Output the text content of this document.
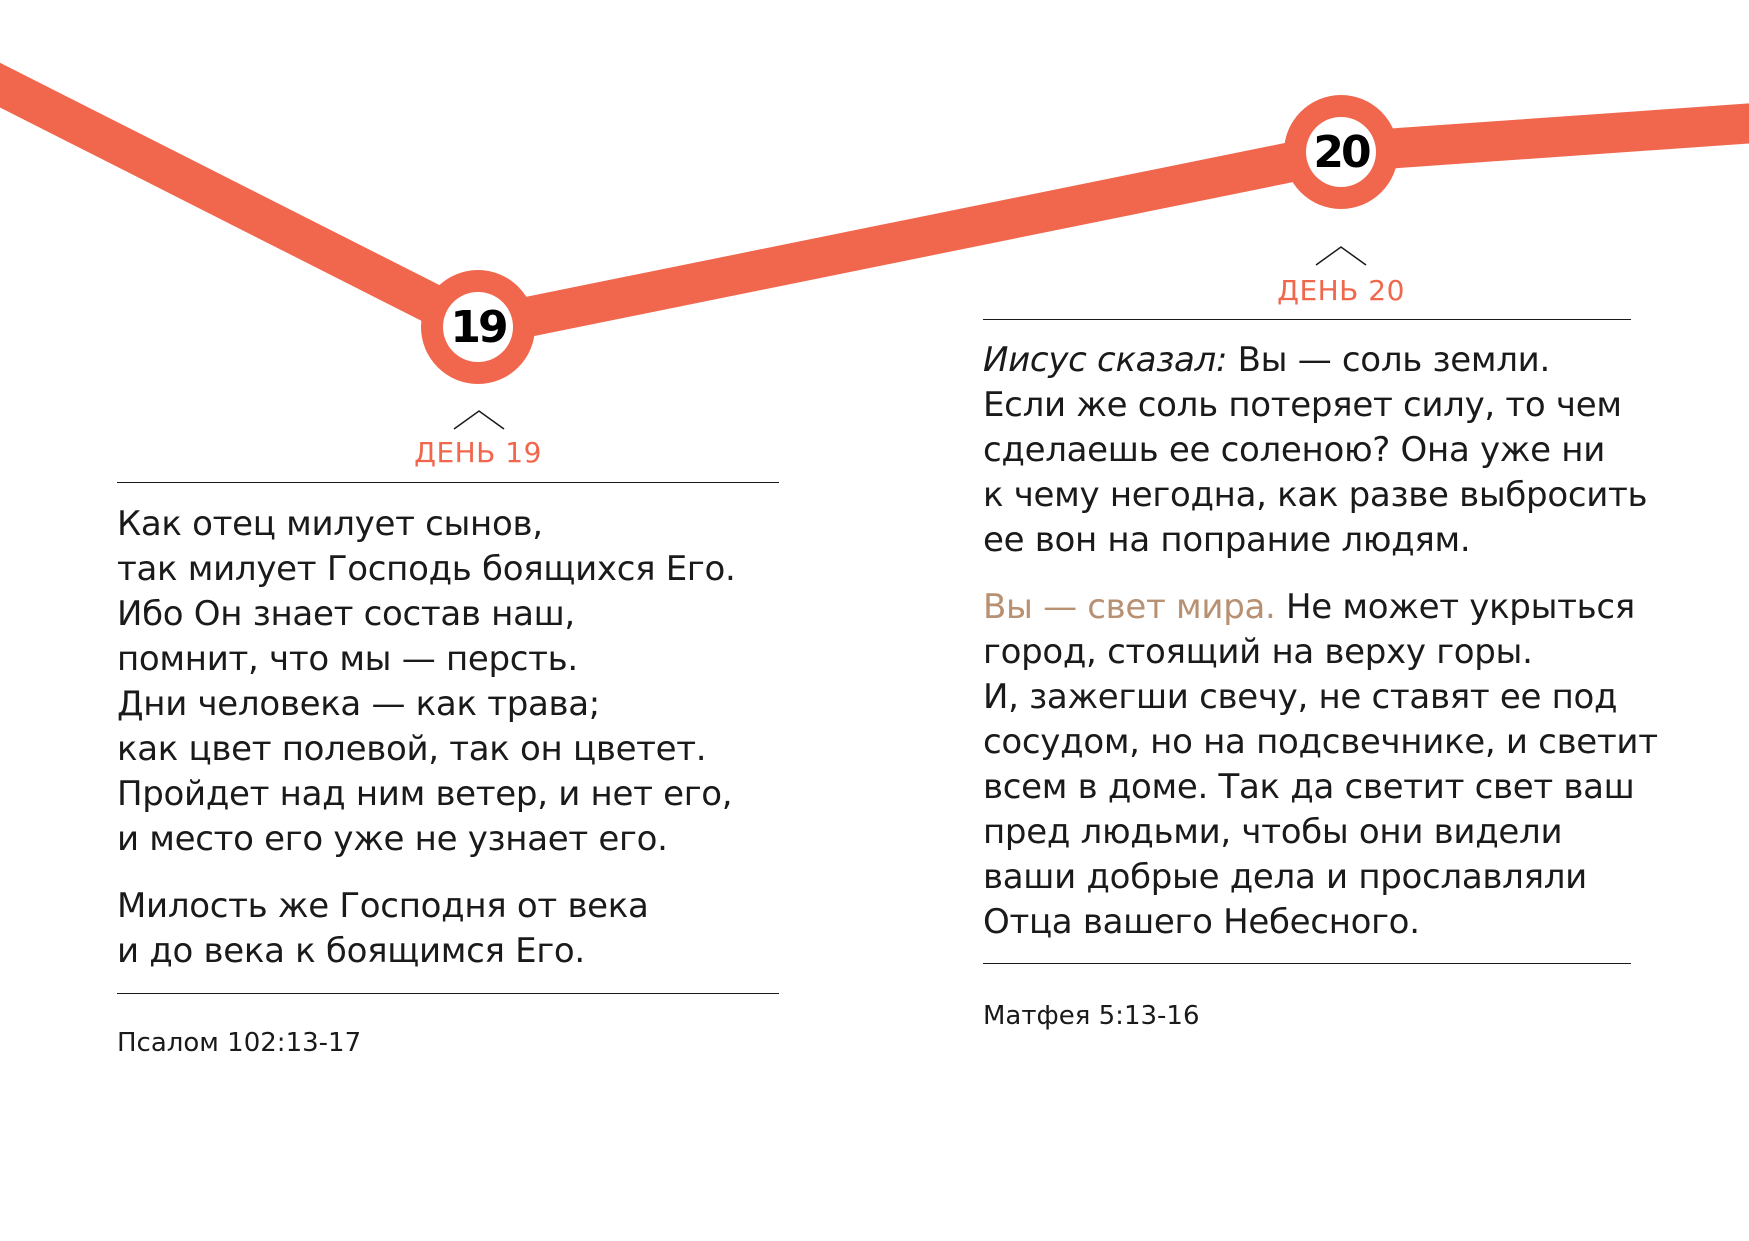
19
20
ДЕНЬ 19
Как отец милует сынов,
так милует Господь боящихся Его.
Ибо Он знает состав наш,
помнит, что мы — персть.
Дни человека — как трава;
как цвет полевой, так он цветет.
Пройдет над ним ветер, и нет его,
и место его уже не узнает его.
Милость же Господня от века
и до века к боящимся Его.
Псалом 102:13-17
ДЕНЬ 20
Иисус сказал: Вы — соль земли.
Если же соль потеряет силу, то чем
сделаешь ее соленою? Она уже ни
к чему негодна, как разве выбросить
ее вон на попрание людям.
Вы — свет мира. Не может укрыться
город, стоящий на верху горы.
И, зажегши свечу, не ставят ее под
сосудом, но на подсвечнике, и светит
всем в доме. Так да светит свет ваш
пред людьми, чтобы они видели
ваши добрые дела и прославляли
Отца вашего Небесного.
Матфея 5:13-16
